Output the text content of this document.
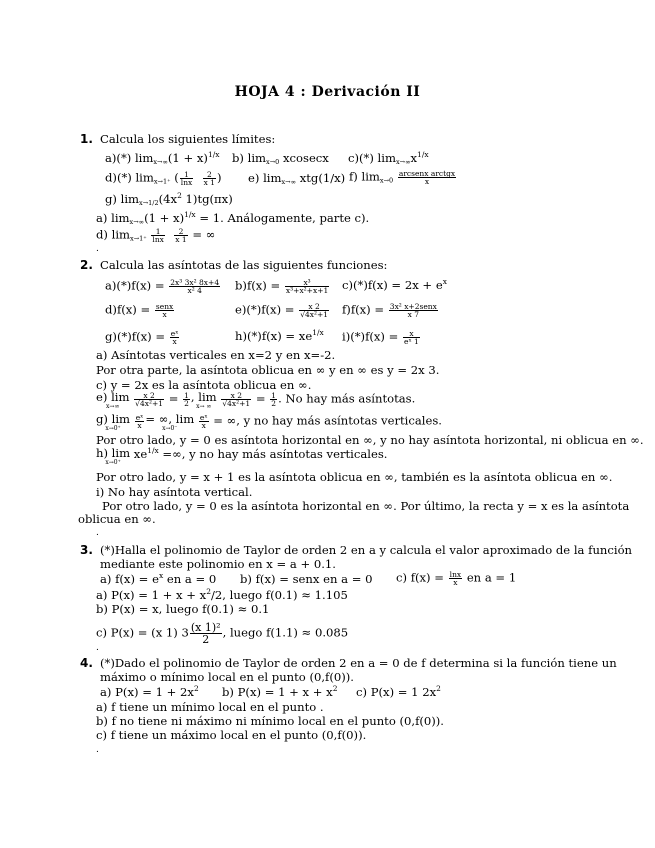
HOJA 4 : Derivación II
1. Calcula los siguientes límites:
a)(*) $\lim_{x\to\infty}(1 + x)^{1/x}$ b) $\lim_{x\to 0} xcosecx$ c)(*) $\lim_{x\to\infty}x^{1/x}$
d)(*) $\lim_{x\to 1^+}$ ( $\frac{1}{\ln x}$
$\frac{2}{x 1}$ ) e) $\lim_{x\to\infty} xtg(1/x)$ f) $\lim_{x\to 0} \frac{\text{arcsenx arctgx}}{x}$
g) $\lim_{x\to 1/2}(4x^2$ 1)tg(πx)
a) $\lim_{x\to\infty}(1 + x)^{1/x} = 1$. Análogamente, parte c).
d) $\lim_{x\to 1^+} \frac{1}{\ln x}$
$\frac{2}{x 1}$ = ∞
.
2. Calcula las asíntotas de las siguientes funciones:
$a)(*)f(x) = \frac{\text{2x³ 3x² 8x+4}}{\text{x² 4}} b)f(x) = \frac{\text{x³}}{\text{x³+x²+x+1}} c)(*)f(x) = 2x + e^x$
$d)f(x) = \frac{\text{senx}}{x}$	$e)(*)f(x) = \frac{x 2}{\text{√4x²+1}} f)f(x) = \frac{\text{3x² x+2senx}}{x 7}$
$g)(*)f(x) = \frac{\text{eˣ}}{x}$	$h)(*)f(x) = xe^{1/x}$ $i)(*)f(x) = \frac{x}{\text{eˣ 1}}$
a) Asíntotas verticales en x=2 y en x=-2.
Por otra parte, la asíntota oblicua en ∞ y en ∞ es y = 2x 3.
c) y = 2x es la asíntota oblicua en ∞.
e) lim
x→∞
	$\frac{x 2}{\text{√4x²+1}} = \frac{1}{2}$ , lim
x→ ∞
	$\frac{x 2}{\text{√4x²+1}} = \frac{1}{2}$ . No hay más asíntotas.
g) lim
x→0⁺
	$\frac{\text{eˣ}}{x}$ = ∞, lim
x→0⁻
	$\frac{\text{eˣ}}{x}$ = ∞, y no hay más asíntotas verticales.
Por otro lado, y = 0 es asíntota horizontal en ∞, y no hay asíntota horizontal, ni oblicua en ∞.
h) lim
x→0⁺
$xe^{1/x}$ =∞, y no hay más asíntotas verticales.
Por otro lado, y = x + 1 es la asíntota oblicua en ∞, también es la asíntota oblicua en ∞.
i) No hay asíntota vertical.
Por otro lado, y = 0 es la asíntota horizontal en ∞. Por último, la recta y = x es la asíntota
oblicua en ∞.
.
3. (*)Halla el polinomio de Taylor de orden 2 en a y calcula el valor aproximado de la función
mediante este polinomio en x = a + 0.1.
a) $f(x) = e^x$ en a = 0 b) f(x) = senx en a = 0 c) $f(x) = \frac{\ln x}{x}$ en a = 1
a) $P(x) = 1 + x + x^2/2$, luego f(0.1) ≈ 1.105
b) P(x) = x, luego f(0.1) ≈ 0.1
c) P(x) = (x 1) $3 \frac{\text{(x 1)²}}{2}$ , luego f(1.1) ≈ 0.085
.
4. (*)Dado el polinomio de Taylor de orden 2 en a = 0 de f determina si la función tiene un
máximo o mínimo local en el punto (0,f(0)).
a) $P(x) = 1 + 2x^2$ b) $P(x) = 1 + x + x^2$ c) P(x) = 1 $2x^2$
a) f tiene un mínimo local en el punto .
b) f no tiene ni máximo ni mínimo local en el punto (0,f(0)).
c) f tiene un máximo local en el punto (0,f(0)).
.
